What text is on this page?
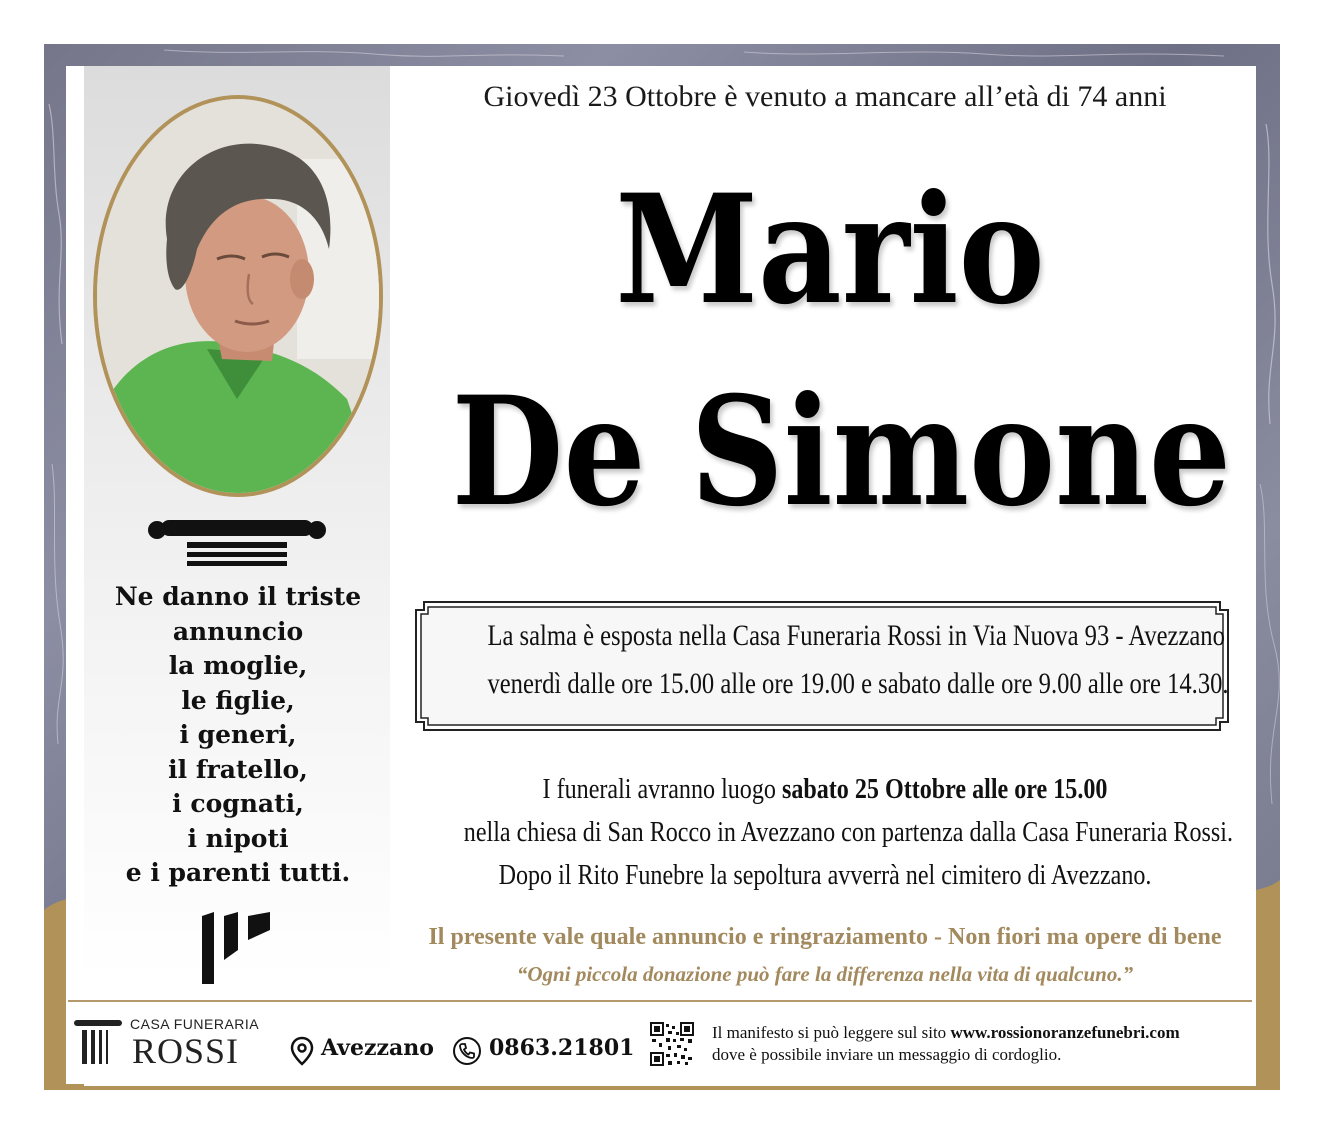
Ne danno il triste
annuncio
la moglie,
le figlie,
i generi,
il fratello,
i cognati,
i nipoti
e i parenti tutti.
Giovedì 23 Ottobre è venuto a mancare all’età di 74 anni
Mario
De Simone
La salma è esposta nella Casa Funeraria Rossi in Via Nuova 93 - Avezzano
venerdì dalle ore 15.00 alle ore 19.00 e sabato dalle ore 9.00 alle ore 14.30.
I funerali avranno luogo sabato 25 Ottobre alle ore 15.00
nella chiesa di San Rocco in Avezzano con partenza dalla Casa Funeraria Rossi.
Dopo il Rito Funebre la sepoltura avverrà nel cimitero di Avezzano.
Il presente vale quale annuncio e ringraziamento - Non fiori ma opere di bene
“Ogni piccola donazione può fare la differenza nella vita di qualcuno.”
CASA FUNERARIA
ROSSI	Avezzano	0863.21801
Il manifesto si può leggere sul sito www.rossionoranzefunebri.com
dove è possibile inviare un messaggio di cordoglio.
